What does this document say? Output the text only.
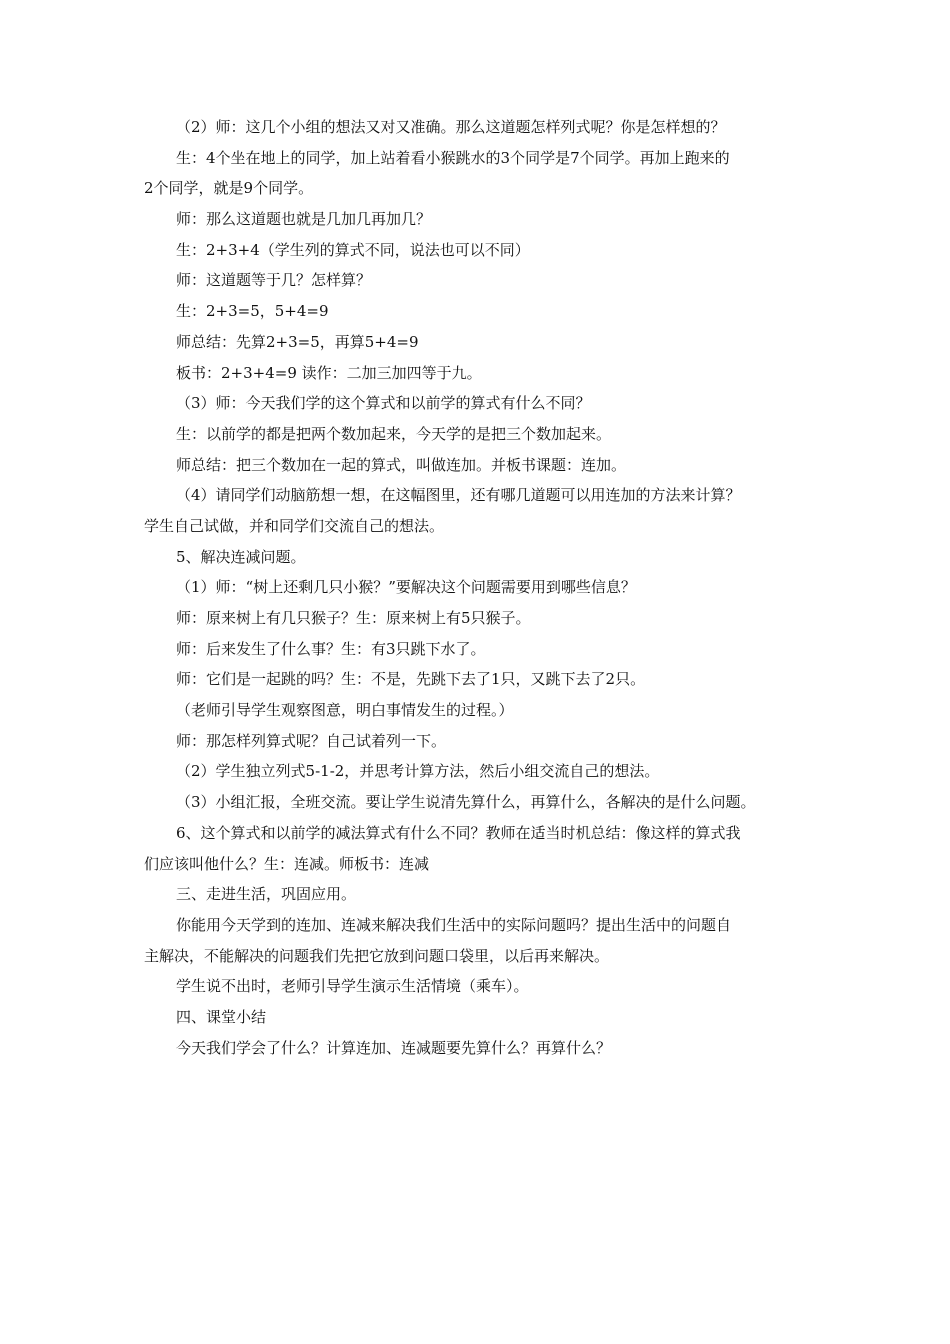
（2）师：这几个小组的想法又对又准确。那么这道题怎样列式呢？你是怎样想的？

生：4个坐在地上的同学，加上站着看小猴跳水的3个同学是7个同学。再加上跑来的

2个同学，就是9个同学。

师：那么这道题也就是几加几再加几？

生：2+3+4（学生列的算式不同，说法也可以不同）

师：这道题等于几？怎样算？

生：2+3=5，5+4=9

师总结：先算2+3=5，再算5+4=9

板书：2+3+4=9 读作：二加三加四等于九。

（3）师：今天我们学的这个算式和以前学的算式有什么不同？

生：以前学的都是把两个数加起来，今天学的是把三个数加起来。

师总结：把三个数加在一起的算式，叫做连加。并板书课题：连加。

（4）请同学们动脑筋想一想，在这幅图里，还有哪几道题可以用连加的方法来计算？

学生自己试做，并和同学们交流自己的想法。

5、解决连减问题。

（1）师：“树上还剩几只小猴？”要解决这个问题需要用到哪些信息？

师：原来树上有几只猴子？生：原来树上有5只猴子。

师：后来发生了什么事？生：有3只跳下水了。

师：它们是一起跳的吗？生：不是，先跳下去了1只，又跳下去了2只。

（老师引导学生观察图意，明白事情发生的过程。）

师：那怎样列算式呢？自己试着列一下。

（2）学生独立列式5-1-2，并思考计算方法，然后小组交流自己的想法。

（3）小组汇报，全班交流。要让学生说清先算什么，再算什么，各解决的是什么问题。

6、这个算式和以前学的减法算式有什么不同？教师在适当时机总结：像这样的算式我

们应该叫他什么？生：连减。师板书：连减

三、走进生活，巩固应用。

你能用今天学到的连加、连减来解决我们生活中的实际问题吗？提出生活中的问题自

主解决，不能解决的问题我们先把它放到问题口袋里，以后再来解决。

学生说不出时，老师引导学生演示生活情境（乘车）。

四、课堂小结

今天我们学会了什么？计算连加、连减题要先算什么？再算什么？
